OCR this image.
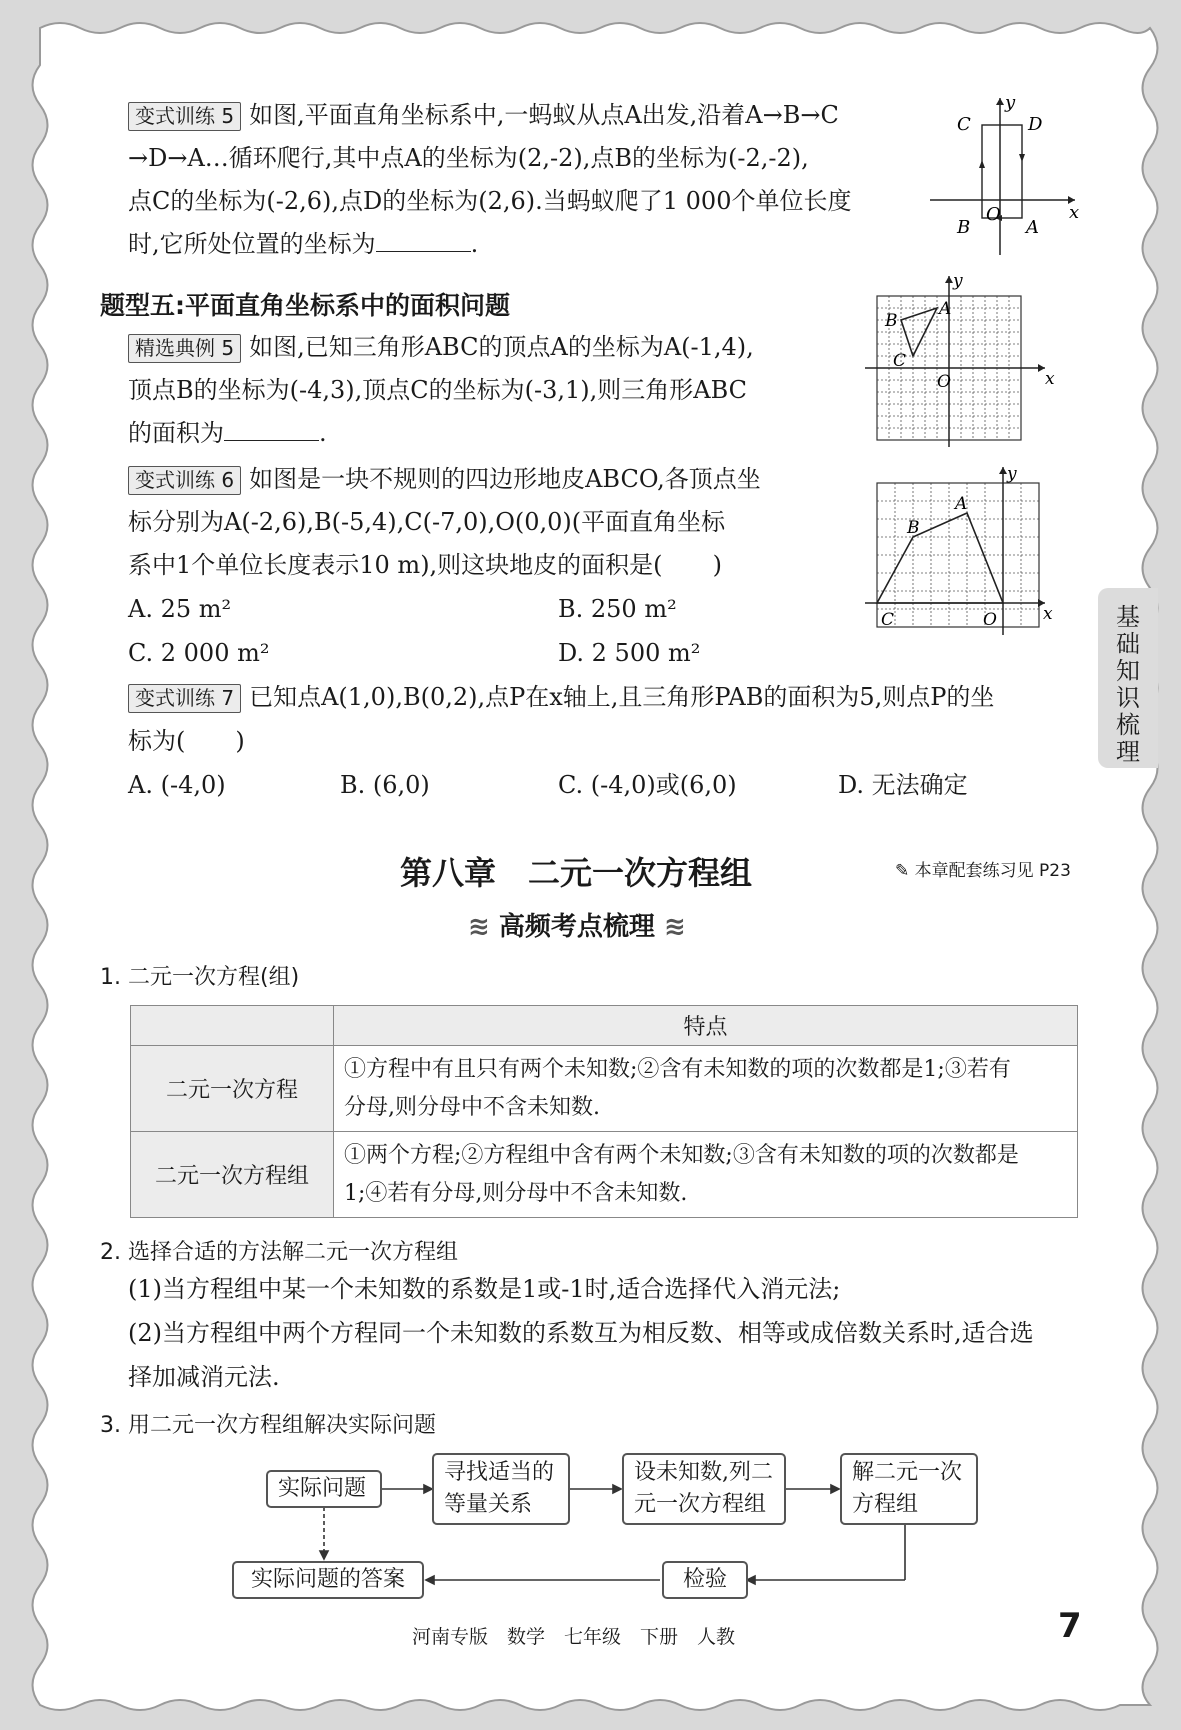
基
础
知
识
梳
理
变式训练 5 如图,平面直角坐标系中,一蚂蚁从点A出发,沿着A→B→C
→D→A…循环爬行,其中点A的坐标为(2,-2),点B的坐标为(-2,-2),
点C的坐标为(-2,6),点D的坐标为(2,6).当蚂蚁爬了1 000个单位长度
时,它所处位置的坐标为	.
y
x
C	D
O
B	A
题型五:平面直角坐标系中的面积问题
精选典例 5 如图,已知三角形ABC的顶点A的坐标为A(-1,4),
顶点B的坐标为(-4,3),顶点C的坐标为(-3,1),则三角形ABC
的面积为	.
A
B
C
O
y
x
变式训练 6 如图是一块不规则的四边形地皮ABCO,各顶点坐
标分别为A(-2,6),B(-5,4),C(-7,0),O(0,0)(平面直角坐标
系中1个单位长度表示10 m),则这块地皮的面积是( )
A. 25 m²	B. 250 m²
C. 2 000 m²	D. 2 500 m²
A
B
C	O
y
x
变式训练 7 已知点A(1,0),B(0,2),点P在x轴上,且三角形PAB的面积为5,则点P的坐
标为( )
A. (-4,0)	B. (6,0)	C. (-4,0)或(6,0)	D. 无法确定
第八章　二元一次方程组	✎ 本章配套练习见 P23
≋ 高频考点梳理 ≋
1. 二元一次方程(组)
	特点
二元一次方程	①方程中有且只有两个未知数;②含有未知数的项的次数都是1;③若有
分母,则分母中不含未知数.

二元一次方程组	①两个方程;②方程组中含有两个未知数;③含有未知数的项的次数都是
1;④若有分母,则分母中不含未知数.
2. 选择合适的方法解二元一次方程组
(1)当方程组中某一个未知数的系数是1或-1时,适合选择代入消元法;
(2)当方程组中两个方程同一个未知数的系数互为相反数、相等或成倍数关系时,适合选
择加减消元法.
3. 用二元一次方程组解决实际问题
实际问题
寻找适当的
等量关系
设未知数,列二
元一次方程组
解二元一次
方程组
检验
实际问题的答案
河南专版　数学　七年级　下册　人教	7
